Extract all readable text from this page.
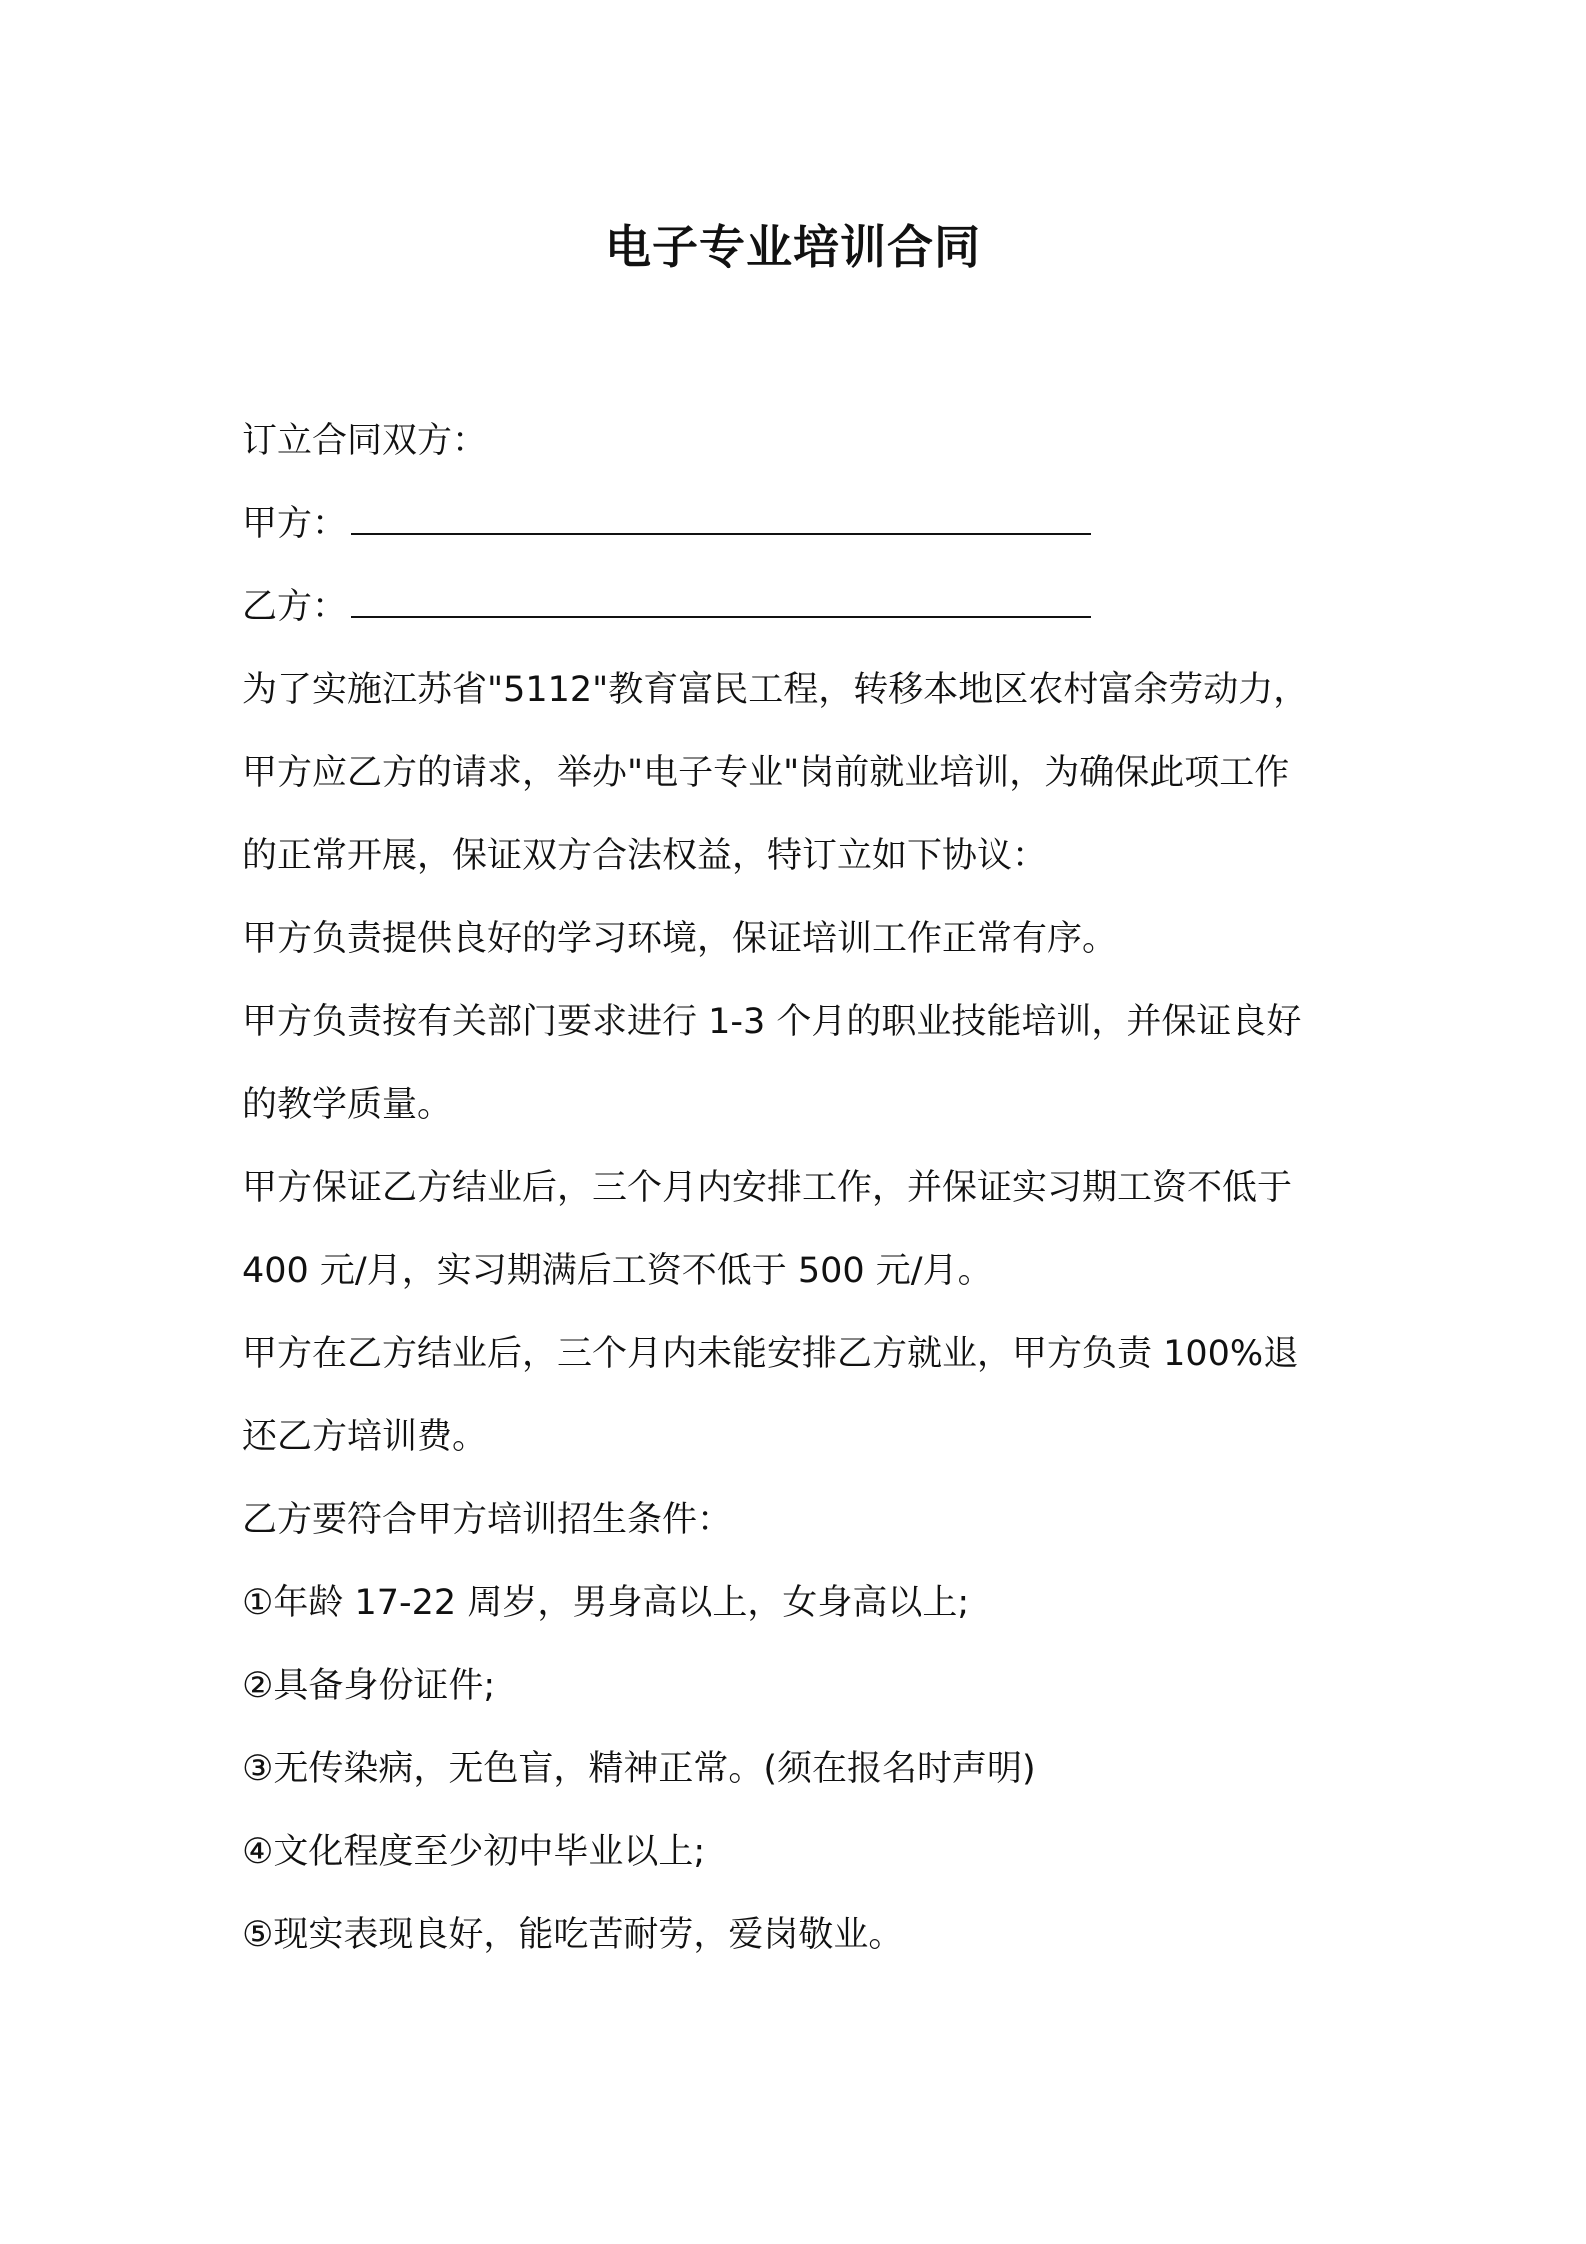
电子专业培训合同
订立合同双方：
甲方：
乙方：
为了实施江苏省"5112"教育富民工程，转移本地区农村富余劳动力，
甲方应乙方的请求，举办"电子专业"岗前就业培训，为确保此项工作
的正常开展，保证双方合法权益，特订立如下协议：
甲方负责提供良好的学习环境，保证培训工作正常有序。
甲方负责按有关部门要求进行 1-3 个月的职业技能培训，并保证良好
的教学质量。
甲方保证乙方结业后，三个月内安排工作，并保证实习期工资不低于
400 元/月，实习期满后工资不低于 500 元/月。
甲方在乙方结业后，三个月内未能安排乙方就业，甲方负责 100%退
还乙方培训费。
乙方要符合甲方培训招生条件：
①年龄 17-22 周岁，男身高以上，女身高以上;
②具备身份证件;
③无传染病，无色盲，精神正常。(须在报名时声明)
④文化程度至少初中毕业以上;
⑤现实表现良好，能吃苦耐劳，爱岗敬业。
